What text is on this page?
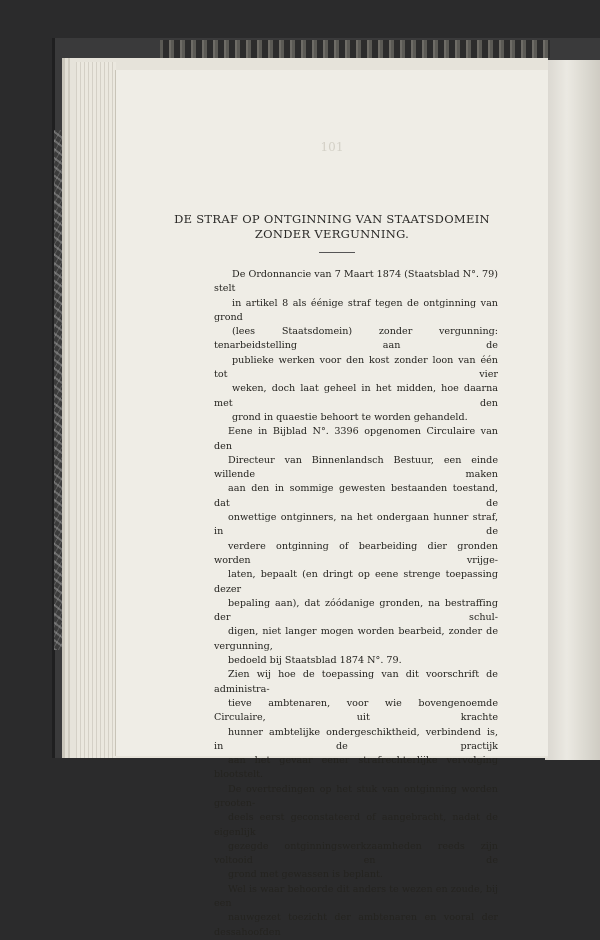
101
DE STRAF OP ONTGINNING VAN STAATSDOMEIN
ZONDER VERGUNNING.

De Ordonnancie van 7 Maart 1874 (Staatsblad N°. 79) stelt
in artikel 8 als éénige straf tegen de ontginning van grond
(lees Staatsdomein) zonder vergunning: tenarbeidstelling aan de
publieke werken voor den kost zonder loon van één tot vier
weken, doch laat geheel in het midden, hoe daarna met den
grond in quaestie behoort te worden gehandeld.

Eene in Bijblad N°. 3396 opgenomen Circulaire van den
Directeur van Binnenlandsch Bestuur, een einde willende maken
aan den in sommige gewesten bestaanden toestand, dat de
onwettige ontginners, na het ondergaan hunner straf, in de
verdere ontginning of bearbeiding dier gronden worden vrijge-
laten, bepaalt (en dringt op eene strenge toepassing dezer
bepaling aan), dat zóódanige gronden, na bestraffing der schul-
digen, niet langer mogen worden bearbeid, zonder de vergunning,
bedoeld bij Staatsblad 1874 N°. 79.

Zien wij hoe de toepassing van dit voorschrift de administra-
tieve ambtenaren, voor wie bovengenoemde Circulaire, uit krachte
hunner ambtelijke ondergeschiktheid, verbindend is, in de practijk
aan het gevaar eener strafrechterlijke vervolging blootstelt.

De overtredingen op het stuk van ontginning worden grooten-
deels eerst geconstateerd of aangebracht, nadat de eigenlijk
gezegde ontginningswerkzaamheden reeds zijn voltooid en de
grond met gewassen is beplant.

Wel is waar behoorde dit anders te wezen en zoude, bij een
nauwgezet toezicht der ambtenaren en vooral der dessahoofden
